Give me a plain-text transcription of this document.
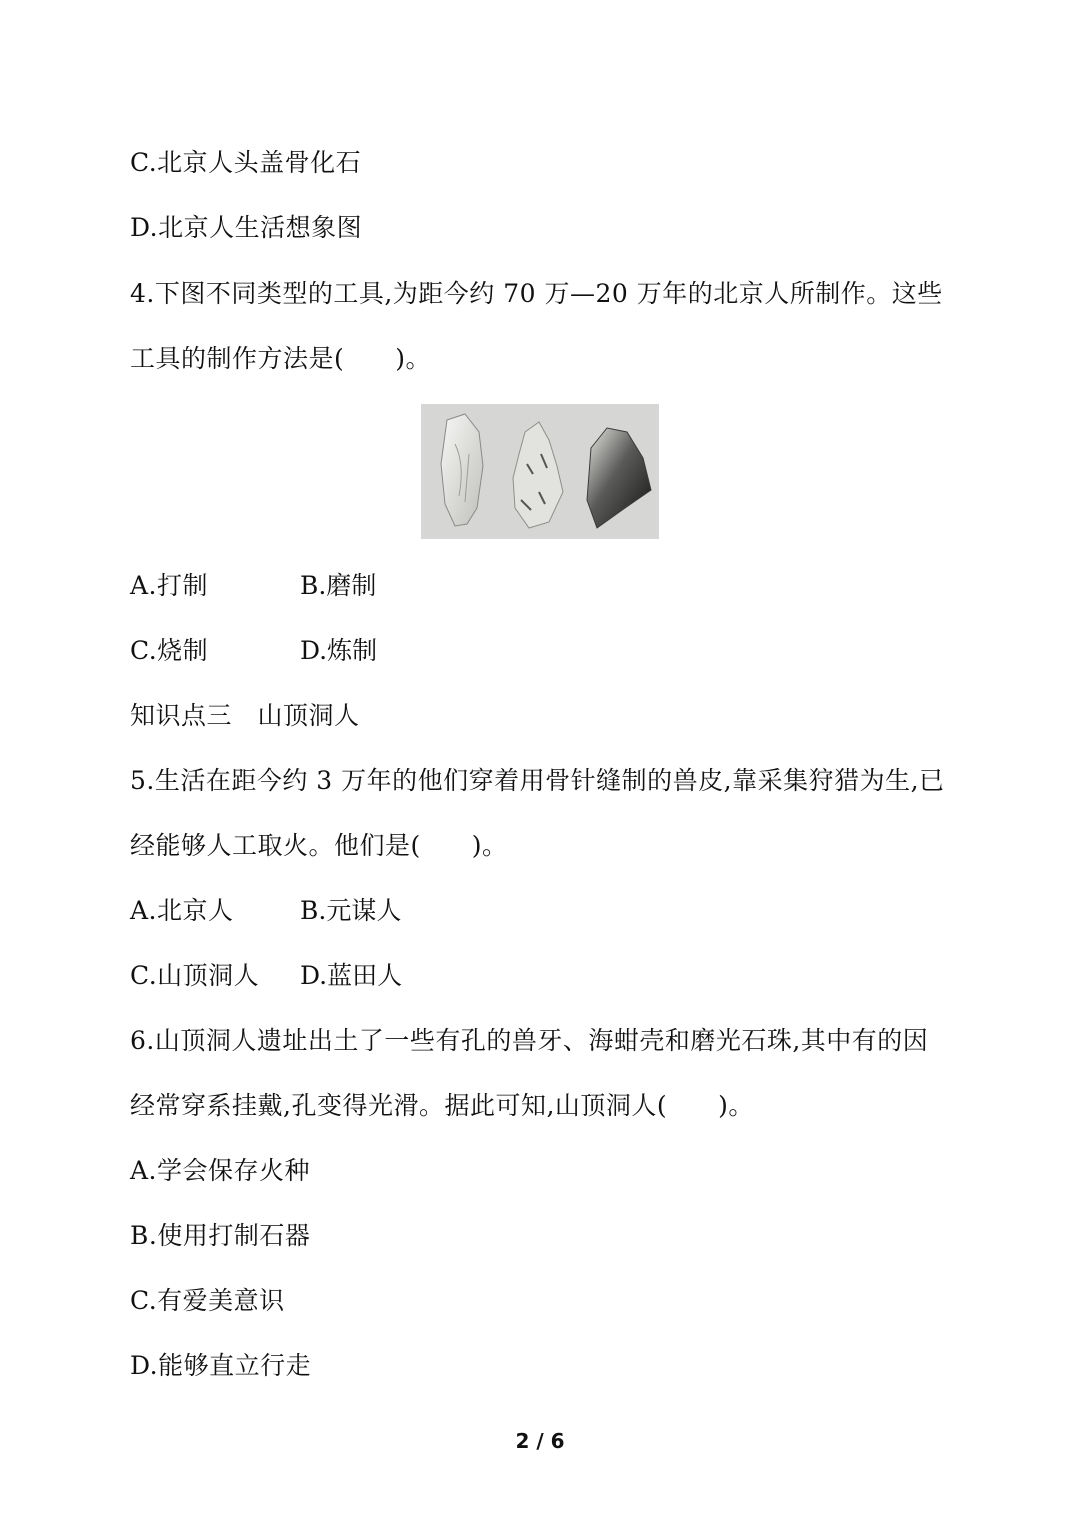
C.北京人头盖骨化石
D.北京人生活想象图
4.下图不同类型的工具,为距今约 70 万—20 万年的北京人所制作。这些
工具的制作方法是(　　)。
A.打制	B.磨制
C.烧制	D.炼制
知识点三　山顶洞人
5.生活在距今约 3 万年的他们穿着用骨针缝制的兽皮,靠采集狩猎为生,已
经能够人工取火。他们是(　　)。
A.北京人	B.元谋人
C.山顶洞人 D.蓝田人
6.山顶洞人遗址出土了一些有孔的兽牙、海蚶壳和磨光石珠,其中有的因
经常穿系挂戴,孔变得光滑。据此可知,山顶洞人(　　)。
A.学会保存火种
B.使用打制石器
C.有爱美意识
D.能够直立行走
2 / 6
